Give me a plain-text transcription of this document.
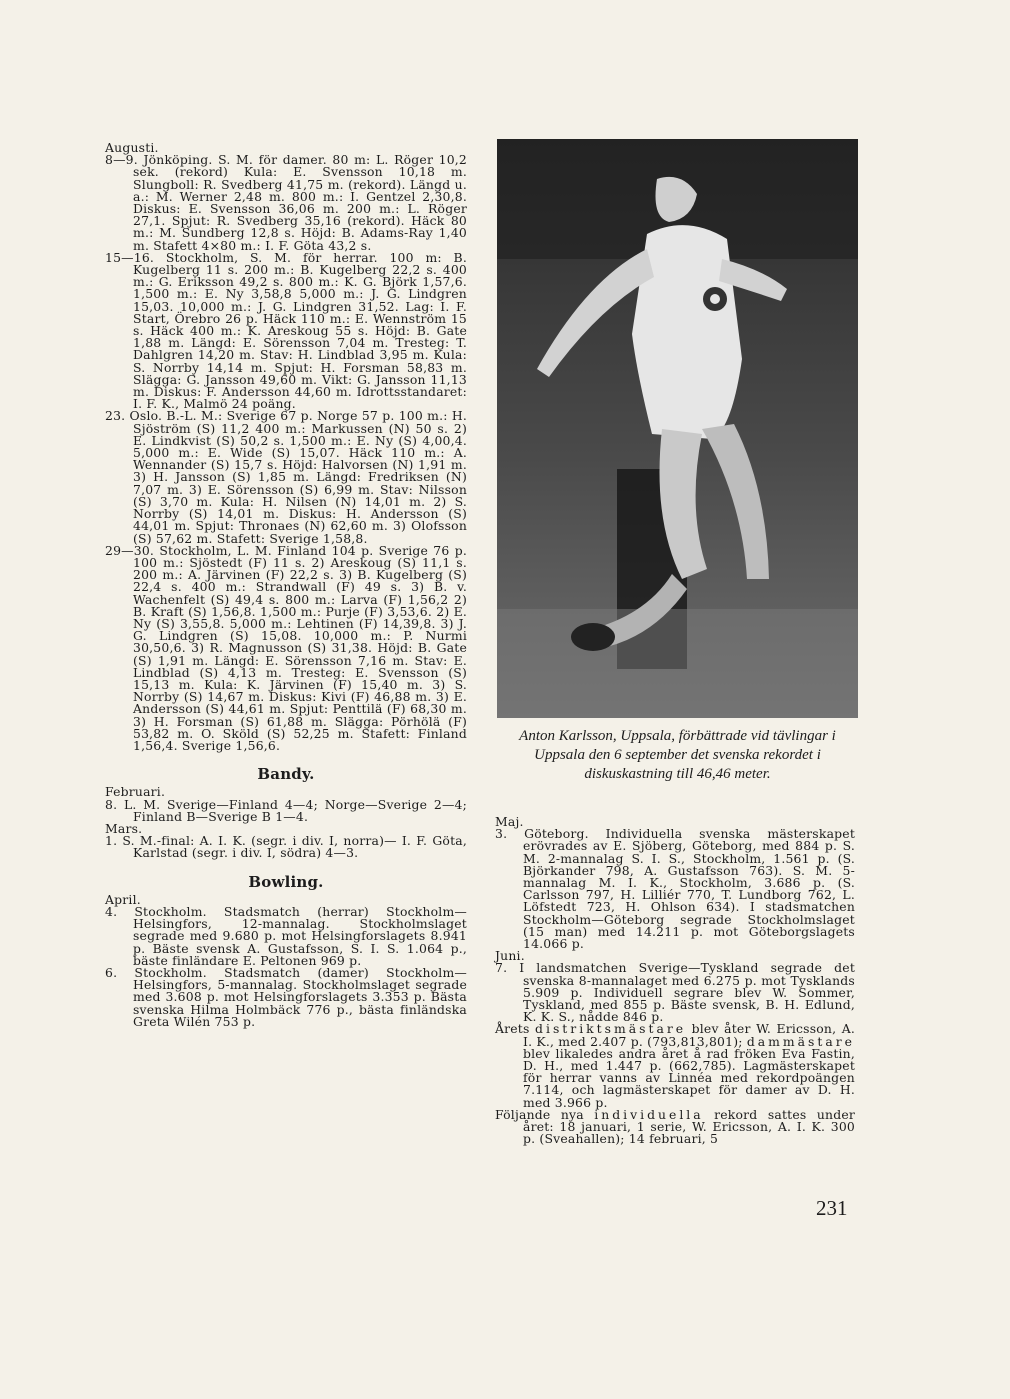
Augusti.

8—9. Jönköping. S. M. för damer. 80 m: L. Röger 10,2 sek. (rekord) Kula: E. Svensson 10,18 m. Slungboll: R. Svedberg 41,75 m. (rekord). Längd u. a.: M. Werner 2,48 m. 800 m.: I. Gentzel 2,30,8. Diskus: E. Svensson 36,06 m. 200 m.: L. Röger 27,1. Spjut: R. Svedberg 35,16 (rekord). Häck 80 m.: M. Sundberg 12,8 s. Höjd: B. Adams-Ray 1,40 m. Stafett 4×80 m.: I. F. Göta 43,2 s.

15—16. Stockholm, S. M. för herrar. 100 m: B. Kugelberg 11 s. 200 m.: B. Kugelberg 22,2 s. 400 m.: G. Eriksson 49,2 s. 800 m.: K. G. Björk 1,57,6. 1,500 m.: E. Ny 3,58,8 5,000 m.: J. G. Lindgren 15,03. 10,000 m.: J. G. Lindgren 31,52. Lag: I. F. Start, Örebro 26 p. Häck 110 m.: E. Wennström 15 s. Häck 400 m.: K. Areskoug 55 s. Höjd: B. Gate 1,88 m. Längd: E. Sörensson 7,04 m. Tresteg: T. Dahlgren 14,20 m. Stav: H. Lindblad 3,95 m. Kula: S. Norrby 14,14 m. Spjut: H. Forsman 58,83 m. Slägga: G. Jansson 49,60 m. Vikt: G. Jansson 11,13 m. Diskus: F. Andersson 44,60 m. Idrottsstandaret: I. F. K., Malmö 24 poäng.

23. Oslo. B.-L. M.: Sverige 67 p. Norge 57 p. 100 m.: H. Sjöström (S) 11,2 400 m.: Markussen (N) 50 s. 2) E. Lindkvist (S) 50,2 s. 1,500 m.: E. Ny (S) 4,00,4. 5,000 m.: E. Wide (S) 15,07. Häck 110 m.: A. Wennander (S) 15,7 s. Höjd: Halvorsen (N) 1,91 m. 3) H. Jansson (S) 1,85 m. Längd: Fredriksen (N) 7,07 m. 3) E. Sörensson (S) 6,99 m. Stav: Nilsson (S) 3,70 m. Kula: H. Nilsen (N) 14,01 m. 2) S. Norrby (S) 14,01 m. Diskus: H. Andersson (S) 44,01 m. Spjut: Thronaes (N) 62,60 m. 3) Olofsson (S) 57,62 m. Stafett: Sverige 1,58,8.

29—30. Stockholm, L. M. Finland 104 p. Sverige 76 p. 100 m.: Sjöstedt (F) 11 s. 2) Areskoug (S) 11,1 s. 200 m.: A. Järvinen (F) 22,2 s. 3) B. Kugelberg (S) 22,4 s. 400 m.: Strandwall (F) 49 s. 3) B. v. Wachenfelt (S) 49,4 s. 800 m.: Larva (F) 1,56,2 2) B. Kraft (S) 1,56,8. 1,500 m.: Purje (F) 3,53,6. 2) E. Ny (S) 3,55,8. 5,000 m.: Lehtinen (F) 14,39,8. 3) J. G. Lindgren (S) 15,08. 10,000 m.: P. Nurmi 30,50,6. 3) R. Magnusson (S) 31,38. Höjd: B. Gate (S) 1,91 m. Längd: E. Sörensson 7,16 m. Stav: E. Lindblad (S) 4,13 m. Tresteg: E. Svensson (S) 15,13 m. Kula: K. Järvinen (F) 15,40 m. 3) S. Norrby (S) 14,67 m. Diskus: Kivi (F) 46,88 m. 3) E. Andersson (S) 44,61 m. Spjut: Penttilä (F) 68,30 m. 3) H. Forsman (S) 61,88 m. Slägga: Pörhölä (F) 53,82 m. O. Sköld (S) 52,25 m. Stafett: Finland 1,56,4. Sverige 1,56,6.

Bandy.

Februari.

8. L. M. Sverige—Finland 4—4; Norge—Sverige 2—4; Finland B—Sverige B 1—4.

Mars.

1. S. M.-final: A. I. K. (segr. i div. I, norra)— I. F. Göta, Karlstad (segr. i div. I, södra) 4—3.

Bowling.

April.

4. Stockholm. Stadsmatch (herrar) Stockholm— Helsingfors, 12-mannalag. Stockholmslaget segrade med 9.680 p. mot Helsingforslagets 8.941 p. Bäste svensk A. Gustafsson, S. I. S. 1.064 p., bäste finländare E. Peltonen 969 p.

6. Stockholm. Stadsmatch (damer) Stockholm— Helsingfors, 5-mannalag. Stockholmslaget segrade med 3.608 p. mot Helsingforslagets 3.353 p. Bästa svenska Hilma Holmbäck 776 p., bästa finländska Greta Wilén 753 p.

Anton Karlsson, Uppsala, förbättrade vid tävlingar i Uppsala den 6 september det svenska rekordet i diskuskastning till 46,46 meter.

Maj.

3. Göteborg. Individuella svenska mästerskapet erövrades av E. Sjöberg, Göteborg, med 884 p. S. M. 2-mannalag S. I. S., Stockholm, 1.561 p. (S. Björkander 798, A. Gustafsson 763). S. M. 5-mannalag M. I. K., Stockholm, 3.686 p. (S. Carlsson 797, H. Lilliér 770, T. Lundborg 762, L. Löfstedt 723, H. Ohlson 634). I stadsmatchen Stockholm—Göteborg segrade Stockholmslaget (15 man) med 14.211 p. mot Göteborgslagets 14.066 p.

Juni.

7. I landsmatchen Sverige—Tyskland segrade det svenska 8-mannalaget med 6.275 p. mot Tysklands 5.909 p. Individuell segrare blev W. Sommer, Tyskland, med 855 p. Bäste svensk, B. H. Edlund, K. K. S., nådde 846 p.

Årets distriktsmästare blev åter W. Ericsson, A. I. K., med 2.407 p. (793,813,801); dammästare blev likaledes andra året å rad fröken Eva Fastin, D. H., med 1.447 p. (662,785). Lagmästerskapet för herrar vanns av Linnéa med rekordpoängen 7.114, och lagmästerskapet för damer av D. H. med 3.966 p.

Följande nya individuella rekord sattes under året: 18 januari, 1 serie, W. Ericsson, A. I. K. 300 p. (Sveahallen); 14 februari, 5

231
